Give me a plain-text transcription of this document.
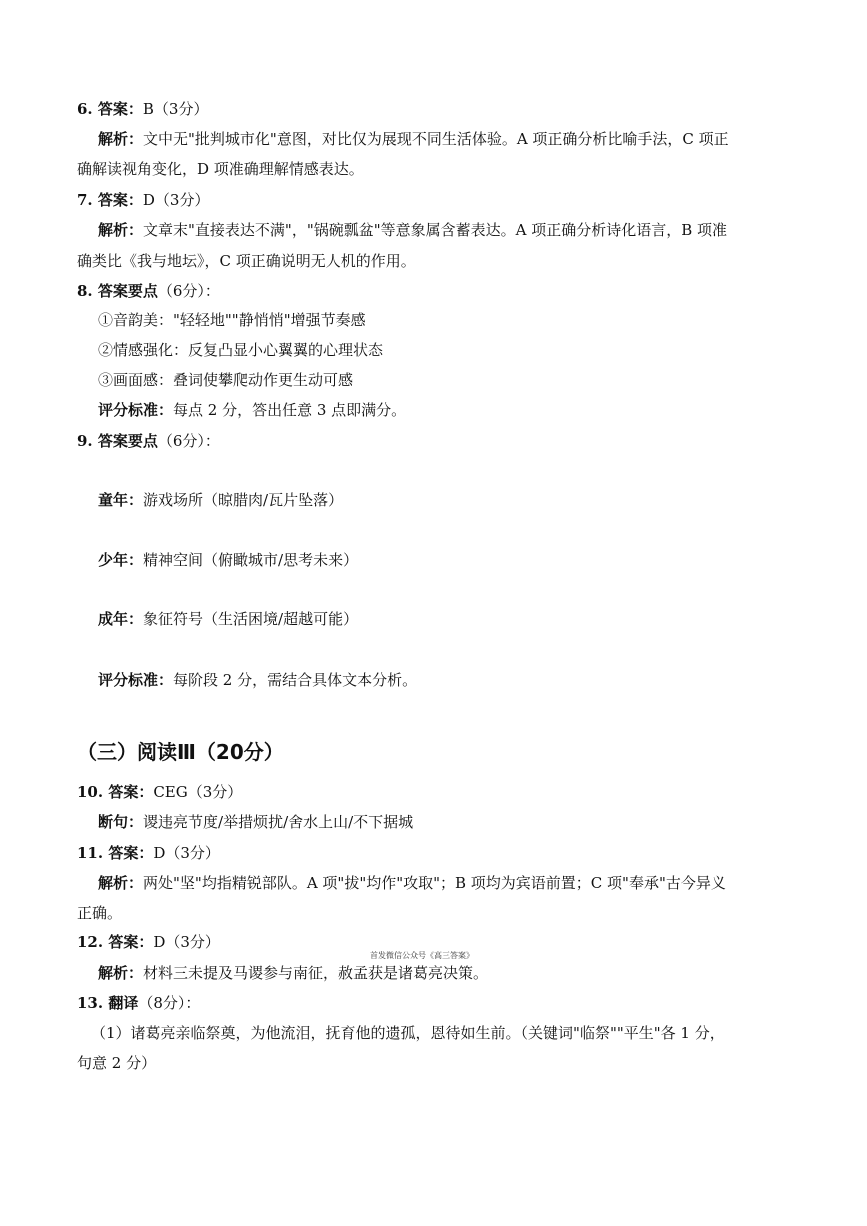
6. 答案：B（3分）
解析：文中无"批判城市化"意图，对比仅为展现不同生活体验。A 项正确分析比喻手法，C 项正
确解读视角变化，D 项准确理解情感表达。
7. 答案：D（3分）
解析：文章末"直接表达不满"，"锅碗瓢盆"等意象属含蓄表达。A 项正确分析诗化语言，B 项准
确类比《我与地坛》，C 项正确说明无人机的作用。
8. 答案要点（6分）：
①音韵美："轻轻地""静悄悄"增强节奏感
②情感强化：反复凸显小心翼翼的心理状态
③画面感：叠词使攀爬动作更生动可感
评分标准：每点 2 分，答出任意 3 点即满分。
9. 答案要点（6分）：
童年：游戏场所（晾腊肉/瓦片坠落）
少年：精神空间（俯瞰城市/思考未来）
成年：象征符号（生活困境/超越可能）
评分标准：每阶段 2 分，需结合具体文本分析。
（三）阅读Ⅲ（20分）
10. 答案：CEG（3分）
断句：谡违亮节度/举措烦扰/舍水上山/不下据城
11. 答案：D（3分）
解析：两处"坚"均指精锐部队。A 项"拔"均作"攻取"；B 项均为宾语前置；C 项"奉承"古今异义
正确。
12. 答案：D（3分）
首发微信公众号《高三答案》
解析：材料三未提及马谡参与南征，赦孟获是诸葛亮决策。
13. 翻译（8分）：
（1）诸葛亮亲临祭奠，为他流泪，抚育他的遗孤，恩待如生前。（关键词"临祭""平生"各 1 分，
句意 2 分）
